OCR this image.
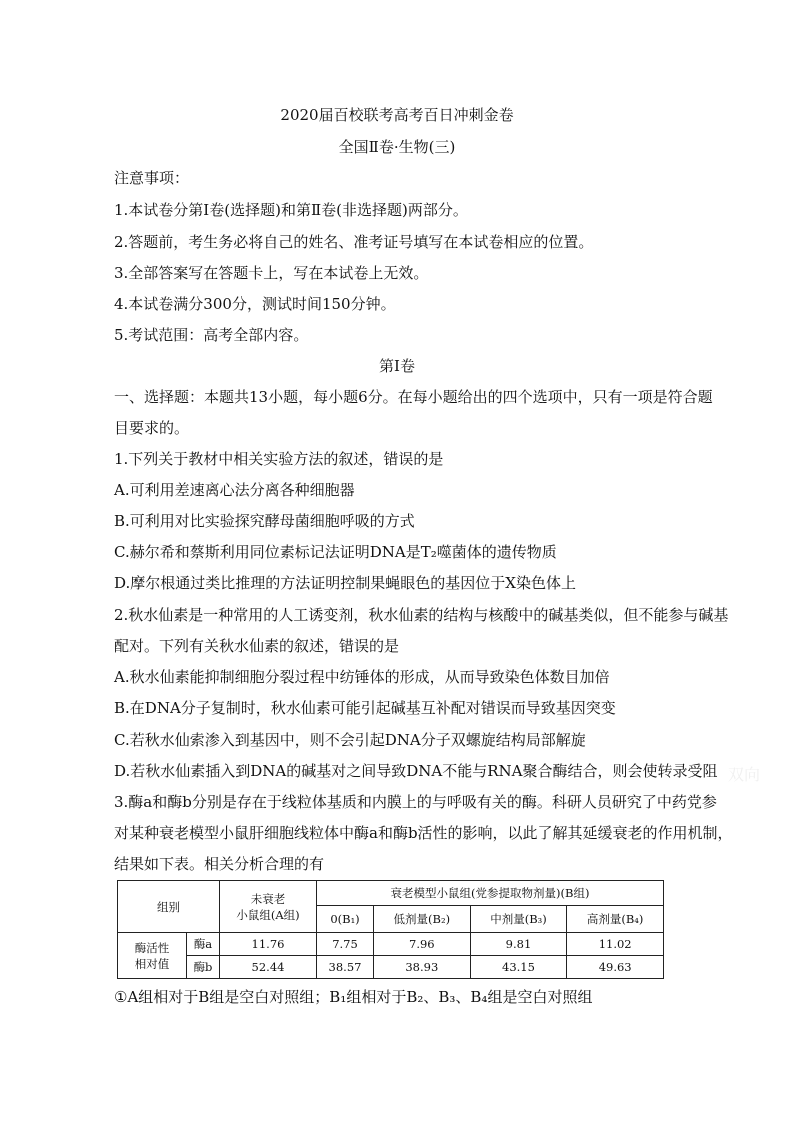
2020届百校联考高考百日冲刺金卷
全国Ⅱ卷·生物(三)
注意事项：
1.本试卷分第Ⅰ卷(选择题)和第Ⅱ卷(非选择题)两部分。
2.答题前，考生务必将自己的姓名、准考证号填写在本试卷相应的位置。
3.全部答案写在答题卡上，写在本试卷上无效。
4.本试卷满分300分，测试时间150分钟。
5.考试范围：高考全部内容。
第Ⅰ卷
一、选择题：本题共13小题，每小题6分。在每小题给出的四个选项中，只有一项是符合题
目要求的。
1.下列关于教材中相关实验方法的叙述，错误的是
A.可利用差速离心法分离各种细胞器
B.可利用对比实验探究酵母菌细胞呼吸的方式
C.赫尔希和蔡斯利用同位素标记法证明DNA是T₂噬菌体的遗传物质
D.摩尔根通过类比推理的方法证明控制果蝇眼色的基因位于X染色体上
2.秋水仙素是一种常用的人工诱变剂，秋水仙素的结构与核酸中的碱基类似，但不能参与碱基
配对。下列有关秋水仙素的叙述，错误的是
A.秋水仙素能抑制细胞分裂过程中纺锤体的形成，从而导致染色体数目加倍
B.在DNA分子复制时，秋水仙素可能引起碱基互补配对错误而导致基因突变
C.若秋水仙索渗入到基因中，则不会引起DNA分子双螺旋结构局部解旋
D.若秋水仙素插入到DNA的碱基对之间导致DNA不能与RNA聚合酶结合，则会使转录受阻
3.酶a和酶b分别是存在于线粒体基质和内膜上的与呼吸有关的酶。科研人员研究了中药党参
对某种衰老模型小鼠肝细胞线粒体中酶a和酶b活性的影响，以此了解其延缓衰老的作用机制，
结果如下表。相关分析合理的有
组别		未衰老
小鼠组(A组)	衰老模型小鼠组(党参提取物剂量)(B组)			
			0(B₁)	低剂量(B₂)	中剂量(B₃)	高剂量(B₄)

酶活性
相对值	酶a	11.76	7.75	7.96	9.81	11.02
	酶b	52.44	38.57	38.93	43.15	49.63
①A组相对于B组是空白对照组；B₁组相对于B₂、B₃、B₄组是空白对照组
双向
